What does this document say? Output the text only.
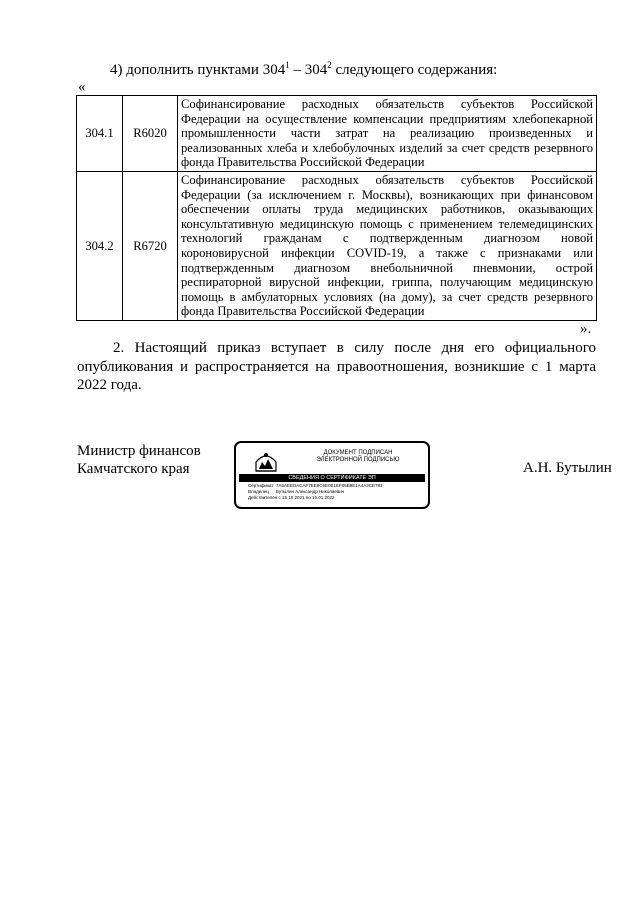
4) дополнить пунктами $304^1 - 304^2$ следующего содержания:
«
304.1	R6020	Софинансирование расходных обязательств субъектов Российской Федерации на осуществление компенсации предприятиям хлебопекарной промышленности части затрат на реализацию произведенных и реализованных хлеба и хлебобулочных изделий за счет средств резервного фонда Правительства Российской Федерации
304.2	R6720	Софинансирование расходных обязательств субъектов Российской Федерации (за исключением г. Москвы), возникающих при финансовом обеспечении оплаты труда медицинских работников, оказывающих консультативную медицинскую помощь с применением телемедицинских технологий гражданам с подтвержденным диагнозом новой короновирусной инфекции COVID-19, а также с признаками или подтвержденным диагнозом внебольничной пневмонии, острой респираторной вирусной инфекции, гриппа, получающим медицинскую помощь в амбулаторных условиях (на дому), за счет средств резервного фонда Правительства Российской Федерации
».
2. Настоящий приказ вступает в силу после дня его официального опубликования и распространяется на правоотношения, возникшие с 1 марта 2022 года.
Министр финансов
Камчатского края
ДОКУМЕНТ ПОДПИСАН
ЭЛЕКТРОННОЙ ПОДПИСЬЮ
СВЕДЕНИЯ О СЕРТИФИКАТЕ ЭП
Сертификат 7A6AEEDACAF7EE8C6E0E1EF05B9E1A4A3CE783
Владелец Бутылин Александр Николаевич
Действителен с 15.10.2021 по 15.01.2022
А.Н. Бутылин
